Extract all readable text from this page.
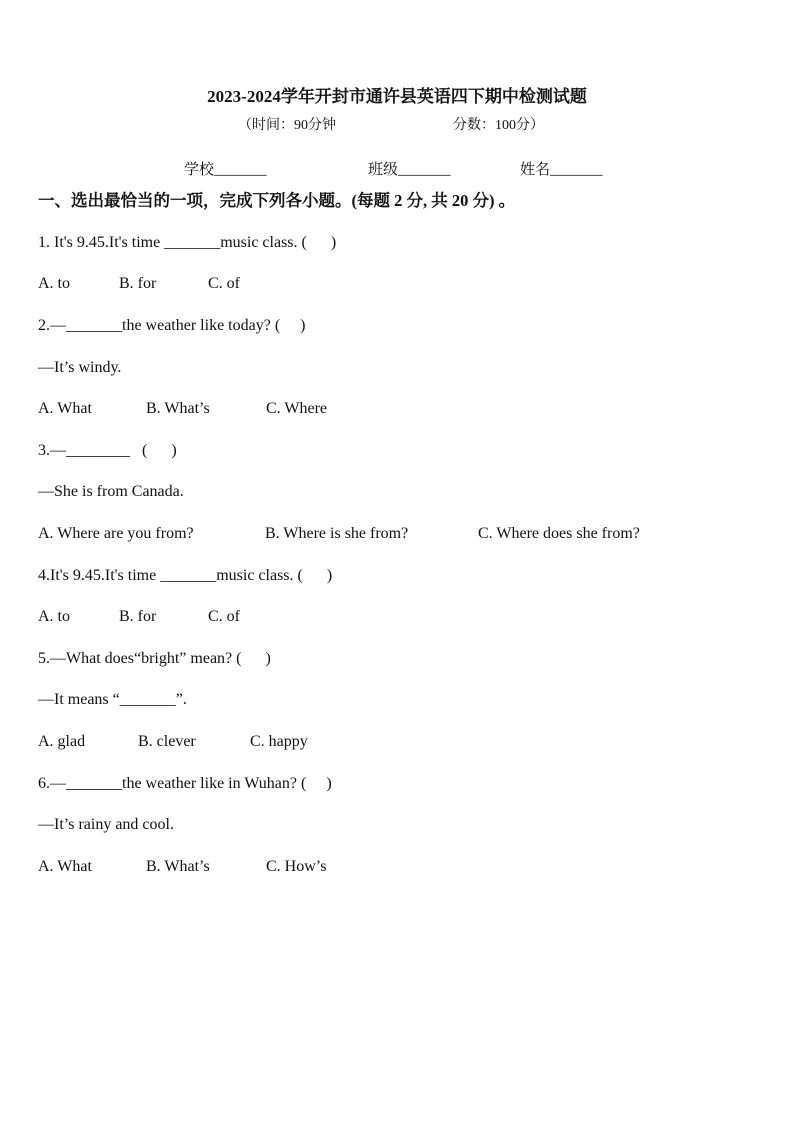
2023-2024学年开封市通许县英语四下期中检测试题
（时间：90分钟	分数：100分）
学校_______	班级_______	姓名_______
一、选出最恰当的一项，完成下列各小题。(每题 2 分, 共 20 分) 。
1. It's 9.45.It's time _______music class. (      )
A. to	B. for	C. of
2.—_______the weather like today? (     )
—It’s windy.
A. What	B. What’s	C. Where
3.—________   (      )
—She is from Canada.
A. Where are you from?	B. Where is she from?	C. Where does she from?
4.It's 9.45.It's time _______music class. (      )
A. to	B. for	C. of
5.—What does“bright” mean? (      )
—It means “_______”.
A. glad	B. clever	C. happy
6.—_______the weather like in Wuhan? (     )
—It’s rainy and cool.
A. What	B. What’s	C. How’s
